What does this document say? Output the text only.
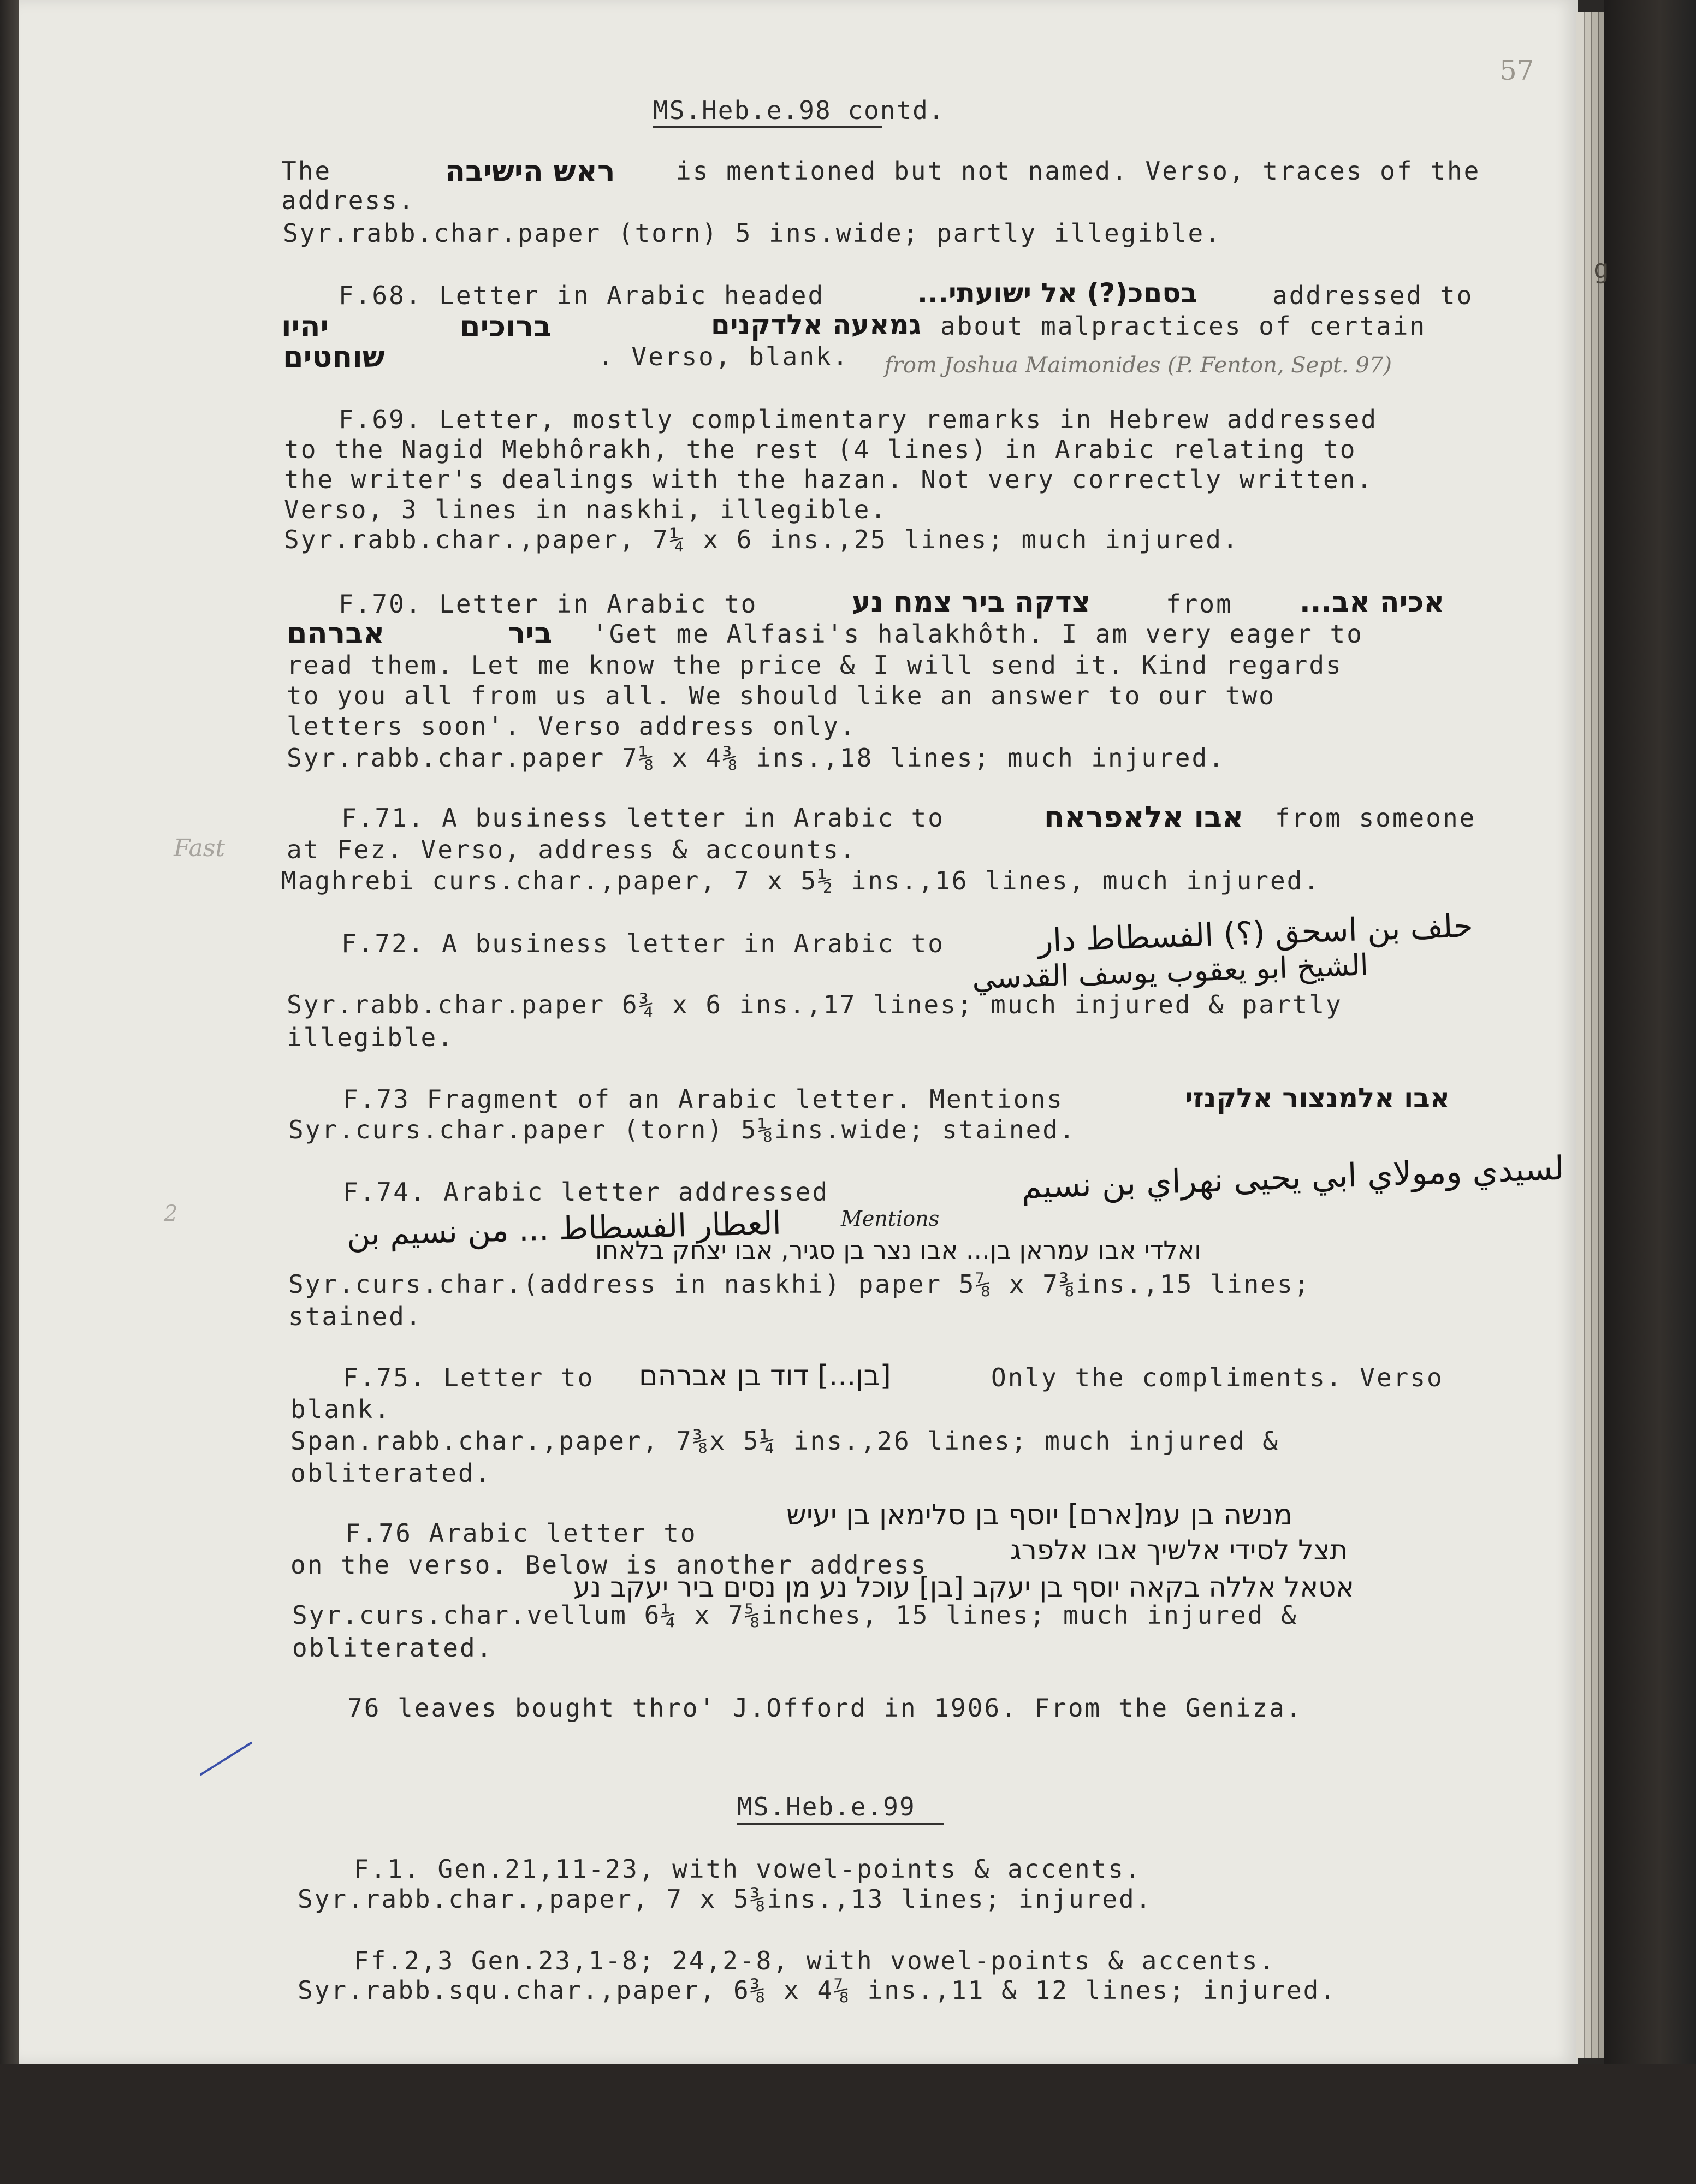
g
57
MS.Heb.e.98 contd.
The	ראש הישיבה is mentioned but not named. Verso, traces of the
address.
Syr.rabb.char.paper (torn) 5 ins.wide; partly illegible.
F.68. Letter in Arabic headed	בסםכ(?) אל ישועתי...	addressed to
יהיו	ברוכים	גמאעה אלדקנים about malpractices of certain
שוחטים	. Verso, blank. from Joshua Maimonides (P. Fenton, Sept. 97)
F.69. Letter, mostly complimentary remarks in Hebrew addressed
to the Nagid Mebhôrakh, the rest (4 lines) in Arabic relating to
the writer's dealings with the hazan. Not very correctly written.
Verso, 3 lines in naskhi, illegible.
Syr.rabb.char.,paper, 7¼ x 6 ins.,25 lines; much injured.
F.70. Letter in Arabic to	צדקה ביר צמח נע	from אכיה אב...
אברהם	ביר 'Get me Alfasi's halakhôth. I am very eager to
read them. Let me know the price & I will send it. Kind regards
to you all from us all. We should like an answer to our two
letters soon'. Verso address only.
Syr.rabb.char.paper 7⅛ x 4⅜ ins.,18 lines; much injured.
Fast
F.71. A business letter in Arabic to	אבו אלאפראח from someone
at Fez. Verso, address & accounts.
Maghrebi curs.char.,paper, 7 x 5½ ins.,16 lines, much injured.
F.72. A business letter in Arabic to	حلف بن اسحق (؟) الفسطاط دار
الشيخ ابو يعقوب يوسف القدسي
Syr.rabb.char.paper 6¾ x 6 ins.,17 lines; much injured & partly
illegible.
F.73 Fragment of an Arabic letter. Mentions	אבו אלמנצור אלקנזי
Syr.curs.char.paper (torn) 5⅛ins.wide; stained.
2
F.74. Arabic letter addressed	لسيدي ومولاي ابي يحيى نهراي بن نسيم
العطار الفسطاط ... من نسيم بن	Mentions
ואלדי אבו עמראן בן... אבו נצר בן סגיר, אבו יצחק בלאחו
Syr.curs.char.(address in naskhi) paper 5⅞ x 7⅜ins.,15 lines;
stained.
F.75. Letter to [בן...] דוד בן אברהם	Only the compliments. Verso
blank.
Span.rabb.char.,paper, 7⅜x 5¼ ins.,26 lines; much injured &
obliterated.
F.76 Arabic letter to
מנשה בן עמ[ארם] יוסף בן סלימאן בן יעיש
on the verso. Below is another address	תצל לסידי אלשיך אבו אלפרג
אטאל אללה בקאה יוסף בן יעקב [בן] עוכל נע מן נסים ביר יעקב נע
Syr.curs.char.vellum 6¼ x 7⅝inches, 15 lines; much injured &
obliterated.
76 leaves bought thro' J.Offord in 1906. From the Geniza.
MS.Heb.e.99
F.1. Gen.21,11-23, with vowel-points & accents.
Syr.rabb.char.,paper, 7 x 5⅜ins.,13 lines; injured.
Ff.2,3 Gen.23,1-8; 24,2-8, with vowel-points & accents.
Syr.rabb.squ.char.,paper, 6⅜ x 4⅞ ins.,11 & 12 lines; injured.
